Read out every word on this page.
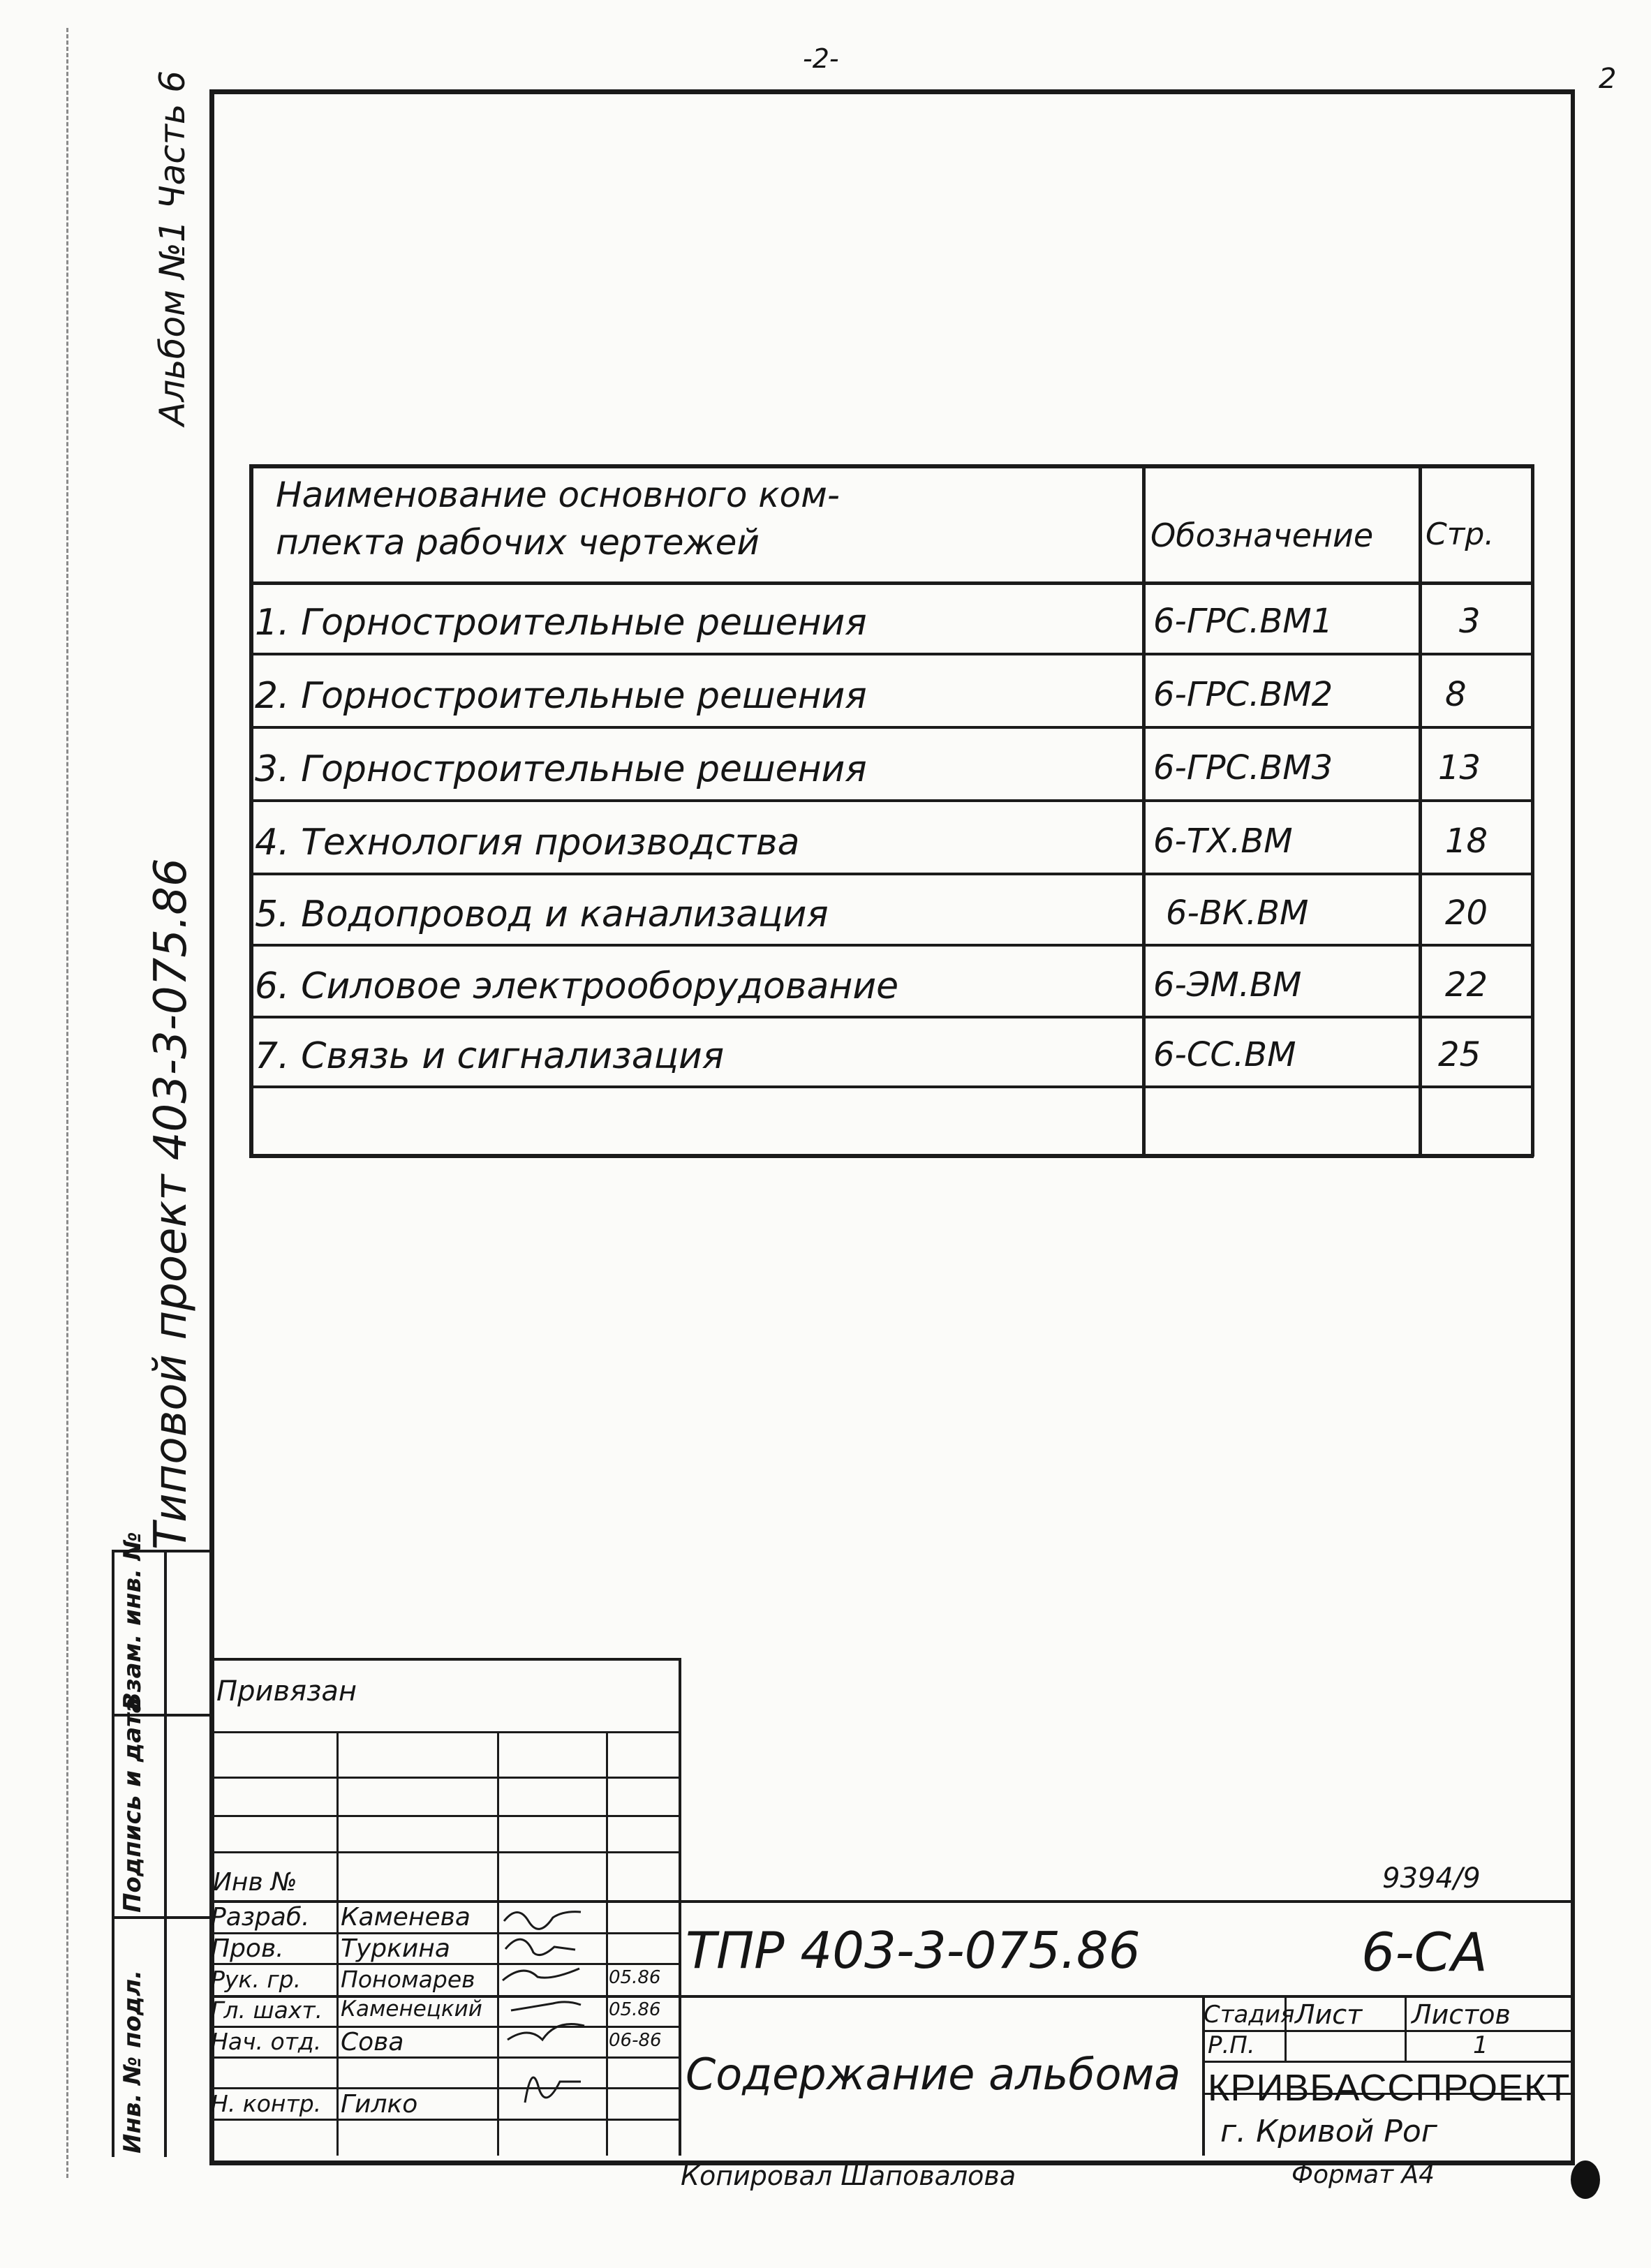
-2-
2
Альбом №1 Часть 6
Типовой проект 403-3-075.86
Инв. № подл.
Подпись и дата
Взам. инв. №
Наименование основного ком-
плекта рабочих чертежей	Обозначение Стр.
1. Горностроительные решения	6-ГРС.ВМ1	3
2. Горностроительные решения	6-ГРС.ВМ2	8
3. Горностроительные решения	6-ГРС.ВМ3	13
4. Технология производства	6-ТХ.ВМ	18
5. Водопровод и канализация	6-ВК.ВМ	20
6. Силовое электрооборудование	6-ЭМ.ВМ	22
7. Связь и сигнализация	6-СС.ВМ	25
Привязан
Инв №	9394/9
Разраб. Каменева
Пров. Туркина
Рук. гр. Пономарев	05.86
Гл. шахт. Каменецкий	05.86
Нач. отд. Сова	06-86
Н. контр. Гилко
ТПР 403-3-075.86	6-СА
Содержание альбома
Стадия Лист Листов
Р.П.	1
КРИВБАССПРОЕКТ
г. Кривой Рог
Копировал Шаповалова	Формат А4
